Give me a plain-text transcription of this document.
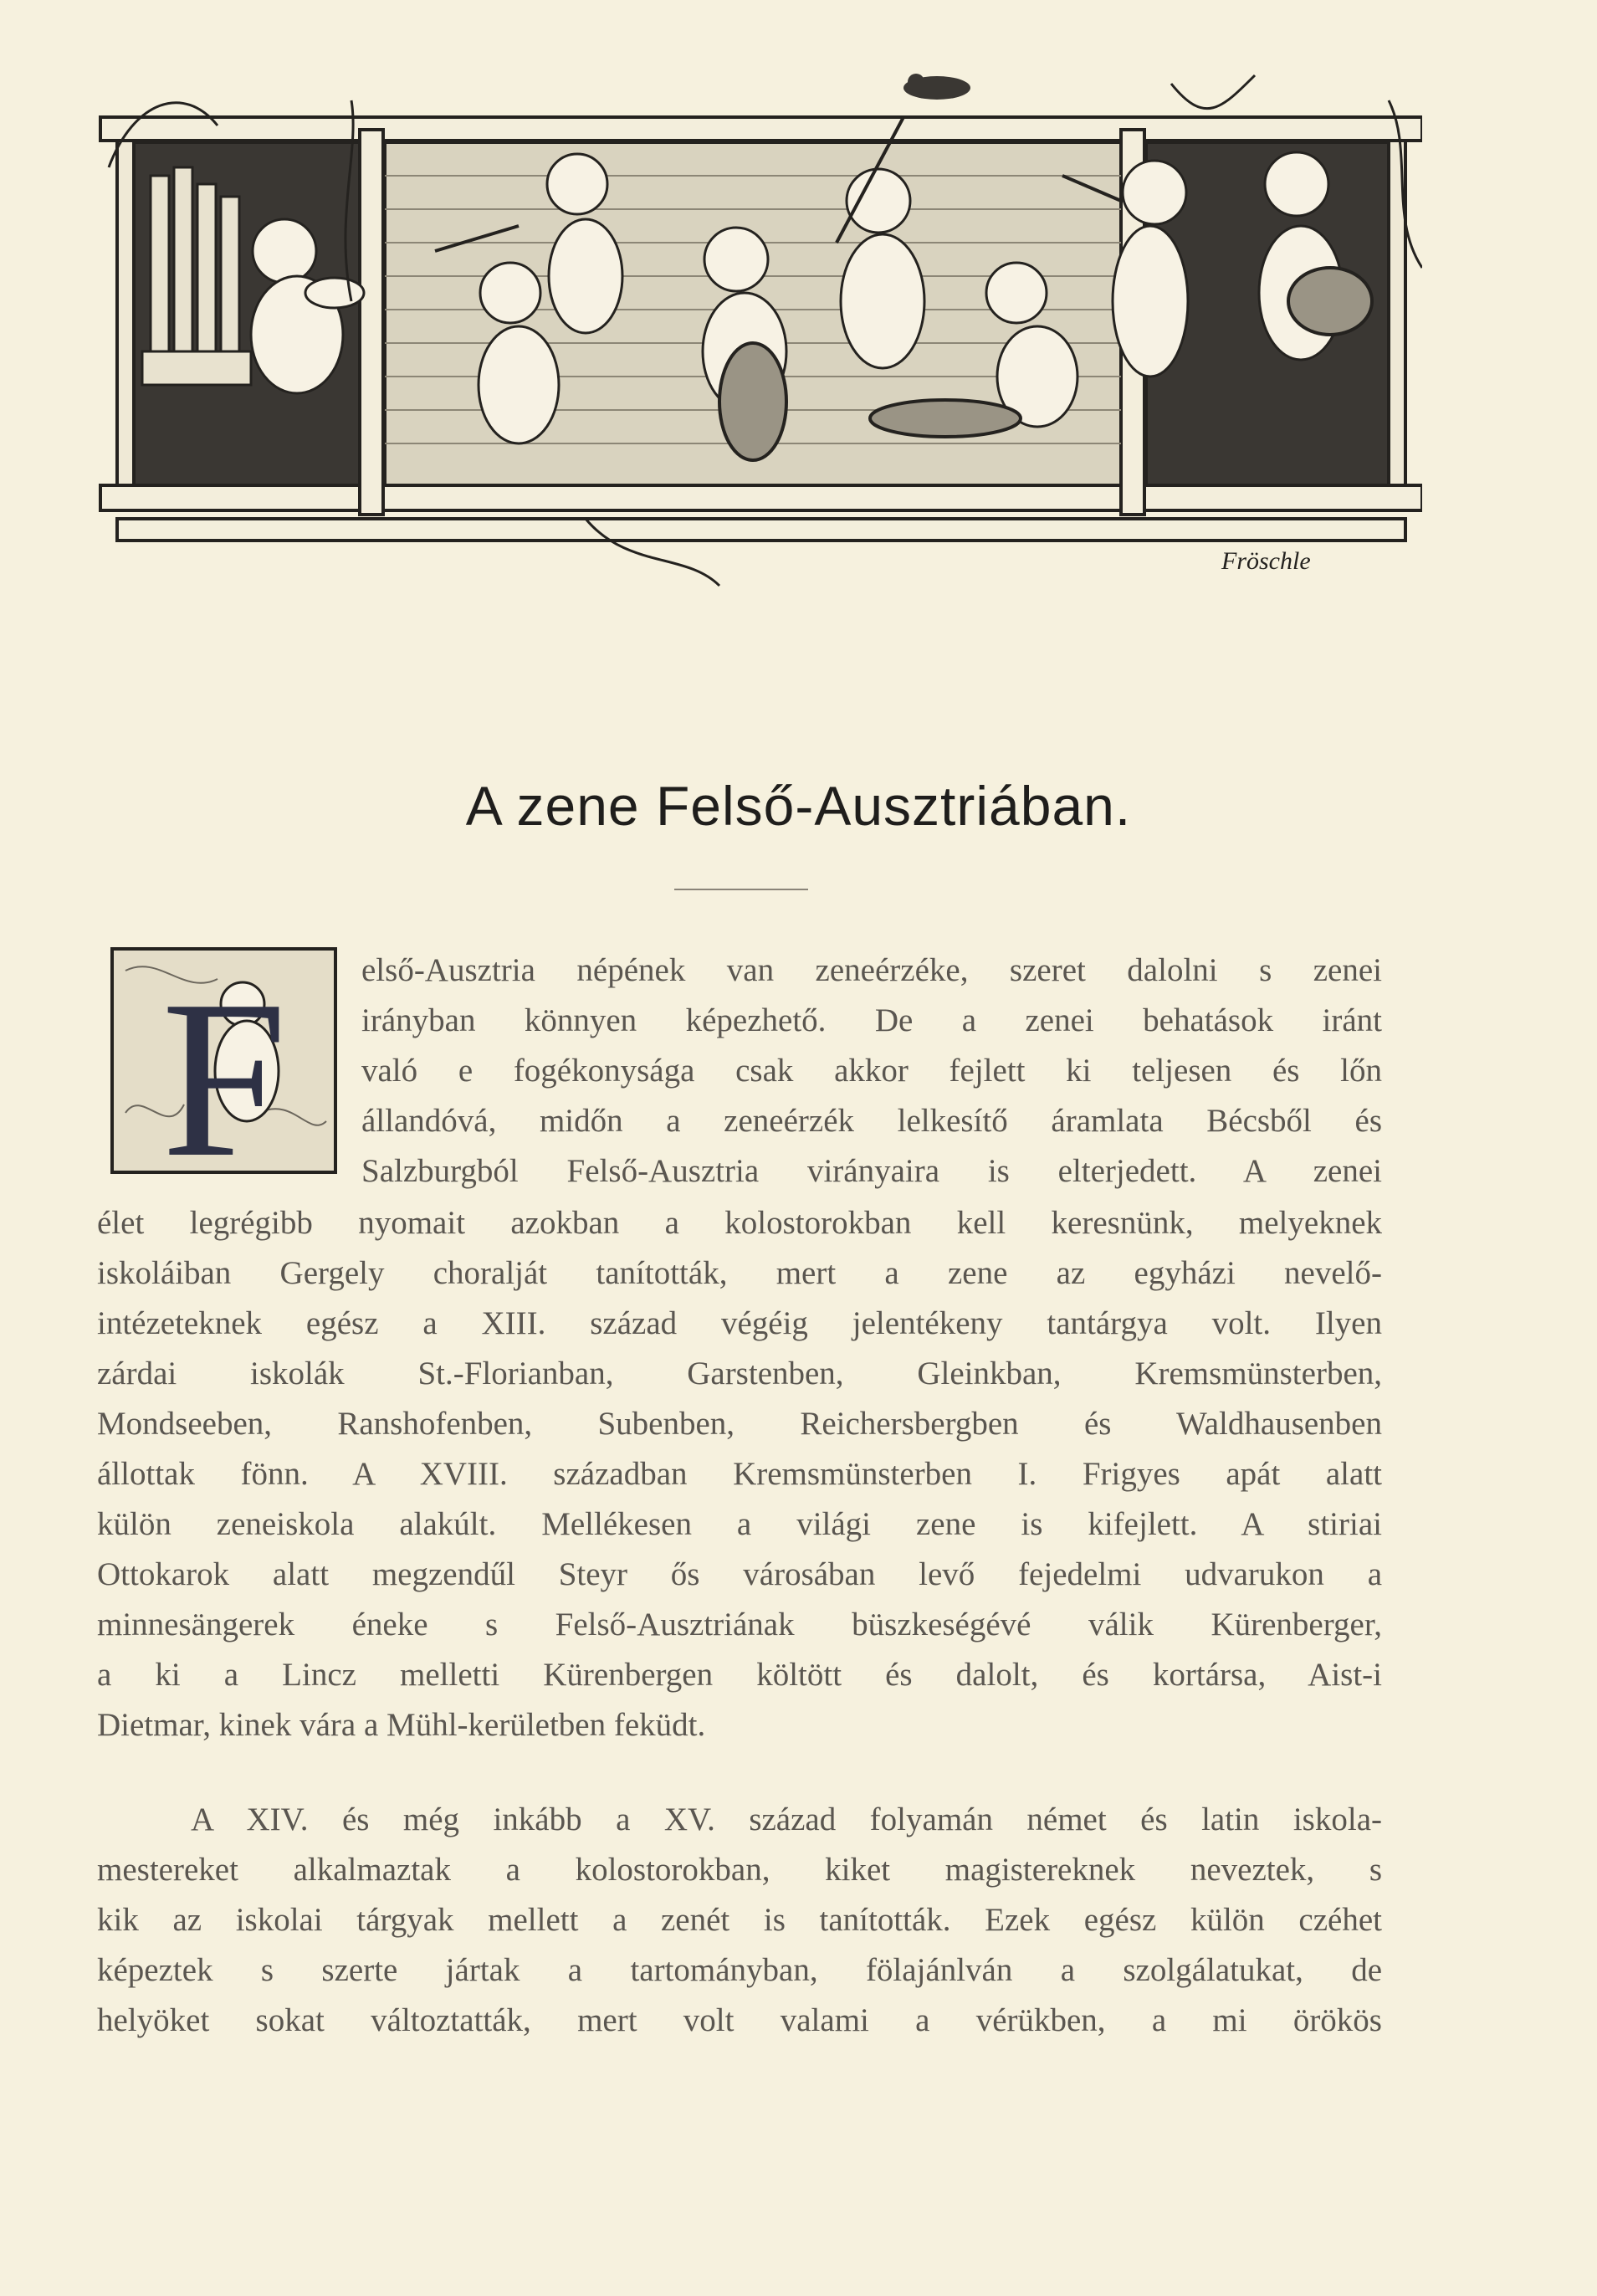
Fröschle
A zene Felső-Ausztriában.
F első-Ausztria népének van zeneérzéke, szeret dalolni s zenei
irányban könnyen képezhető. De a zenei behatások iránt
való e fogékonysága csak akkor fejlett ki teljesen és lőn
állandóvá, midőn a zeneérzék lelkesítő áramlata Bécsből és
Salzburgból Felső-Ausztria virányaira is elterjedett. A zenei
élet legrégibb nyomait azokban a kolostorokban kell keresnünk, melyeknek
iskoláiban Gergely choralját tanították, mert a zene az egyházi nevelő-
intézeteknek egész a XIII. század végéig jelentékeny tantárgya volt. Ilyen
zárdai iskolák St.-Florianban, Garstenben, Gleinkban, Kremsmünsterben,
Mondseeben, Ranshofenben, Subenben, Reichersbergben és Waldhausenben
állottak fönn. A XVIII. században Kremsmünsterben I. Frigyes apát alatt
külön zeneiskola alakúlt. Mellékesen a világi zene is kifejlett. A stiriai
Ottokarok alatt megzendűl Steyr ős városában levő fejedelmi udvarukon a
minnesängerek éneke s Felső-Ausztriának büszkeségévé válik Kürenberger,
a ki a Lincz melletti Kürenbergen költött és dalolt, és kortársa, Aist-i
Dietmar, kinek vára a Mühl-kerületben feküdt.
A XIV. és még inkább a XV. század folyamán német és latin iskola-
mestereket alkalmaztak a kolostorokban, kiket magistereknek neveztek, s
kik az iskolai tárgyak mellett a zenét is tanították. Ezek egész külön czéhet
képeztek s szerte jártak a tartományban, fölajánlván a szolgálatukat, de
helyöket sokat változtatták, mert volt valami a vérükben, a mi örökös
